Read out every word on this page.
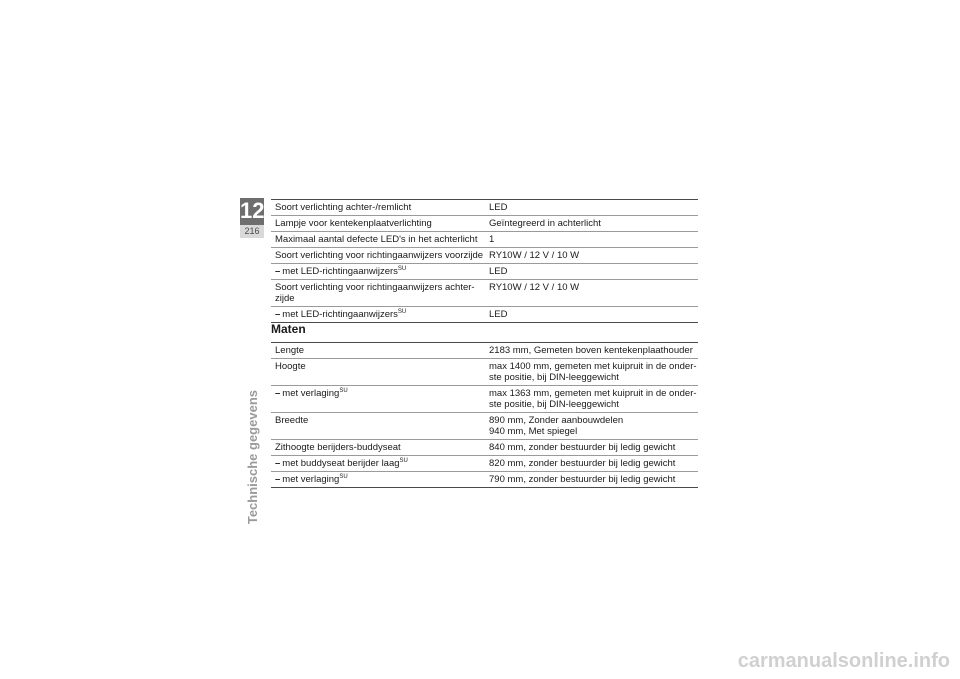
12
216
Technische gegevens
Soort verlichting achter-/remlicht	LED
Lampje voor kentekenplaatverlichting	Geïntegreerd in achterlicht
Maximaal aantal defecte LED's in het achterlicht	1
Soort verlichting voor richtingaanwijzers voorzijde	RY10W / 12 V / 10 W
– met LED-richtingaanwijzers$^{SU}$	LED
Soort verlichting voor richtingaanwijzers achter-
zijde	RY10W / 12 V / 10 W
– met LED-richtingaanwijzers$^{SU}$	LED
Maten
Lengte	2183 mm, Gemeten boven kentekenplaathouder
Hoogte	max 1400 mm, gemeten met kuipruit in de onder-
ste positie, bij DIN-leeggewicht
– met verlaging$^{SU}$	max 1363 mm, gemeten met kuipruit in de onder-
ste positie, bij DIN-leeggewicht
Breedte	890 mm, Zonder aanbouwdelen
940 mm, Met spiegel
Zithoogte berijders-buddyseat	840 mm, zonder bestuurder bij ledig gewicht
– met buddyseat berijder laag$^{SU}$	820 mm, zonder bestuurder bij ledig gewicht
– met verlaging$^{SU}$	790 mm, zonder bestuurder bij ledig gewicht
carmanualsonline.info
